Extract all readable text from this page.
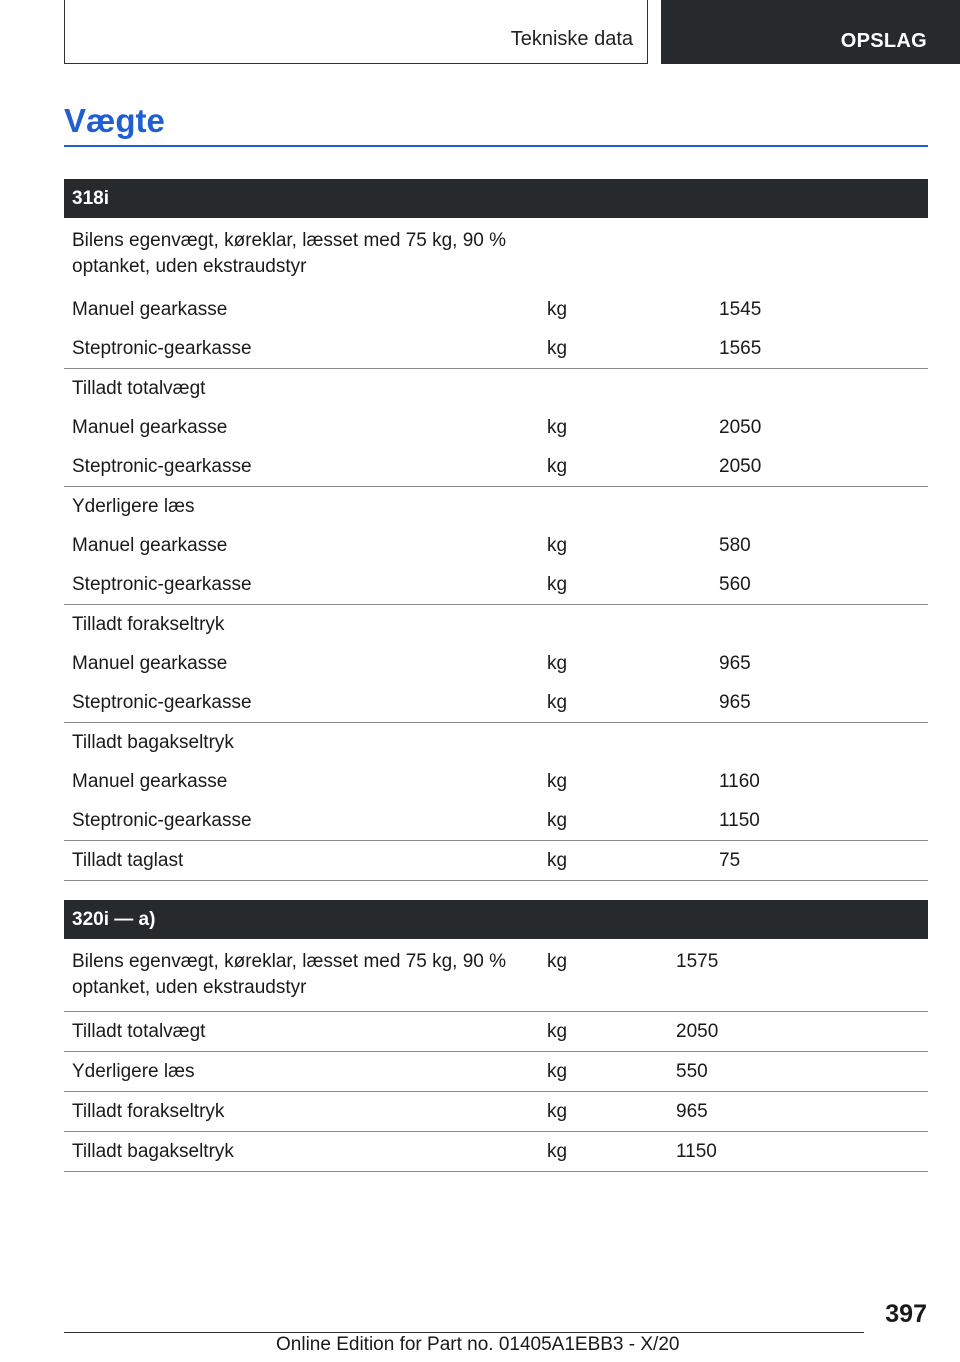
Tekniske data	OPSLAG
Vægte
318i		
Bilens egenvægt, køreklar, læsset med 75 kg, 90 % optanket, uden ekstraudstyr		
Manuel gearkasse	kg	1545
Steptronic-gearkasse	kg	1565
Tilladt totalvægt		
Manuel gearkasse	kg	2050
Steptronic-gearkasse	kg	2050
Yderligere læs		
Manuel gearkasse	kg	580
Steptronic-gearkasse	kg	560
Tilladt forakseltryk		
Manuel gearkasse	kg	965
Steptronic-gearkasse	kg	965
Tilladt bagakseltryk		
Manuel gearkasse	kg	1160
Steptronic-gearkasse	kg	1150
Tilladt taglast	kg	75
320i — a)		
Bilens egenvægt, køreklar, læsset med 75 kg, 90 % optanket, uden ekstraudstyr	kg	1575
Tilladt totalvægt	kg	2050
Yderligere læs	kg	550
Tilladt forakseltryk	kg	965
Tilladt bagakseltryk	kg	1150
397
Online Edition for Part no. 01405A1EBB3 - X/20
